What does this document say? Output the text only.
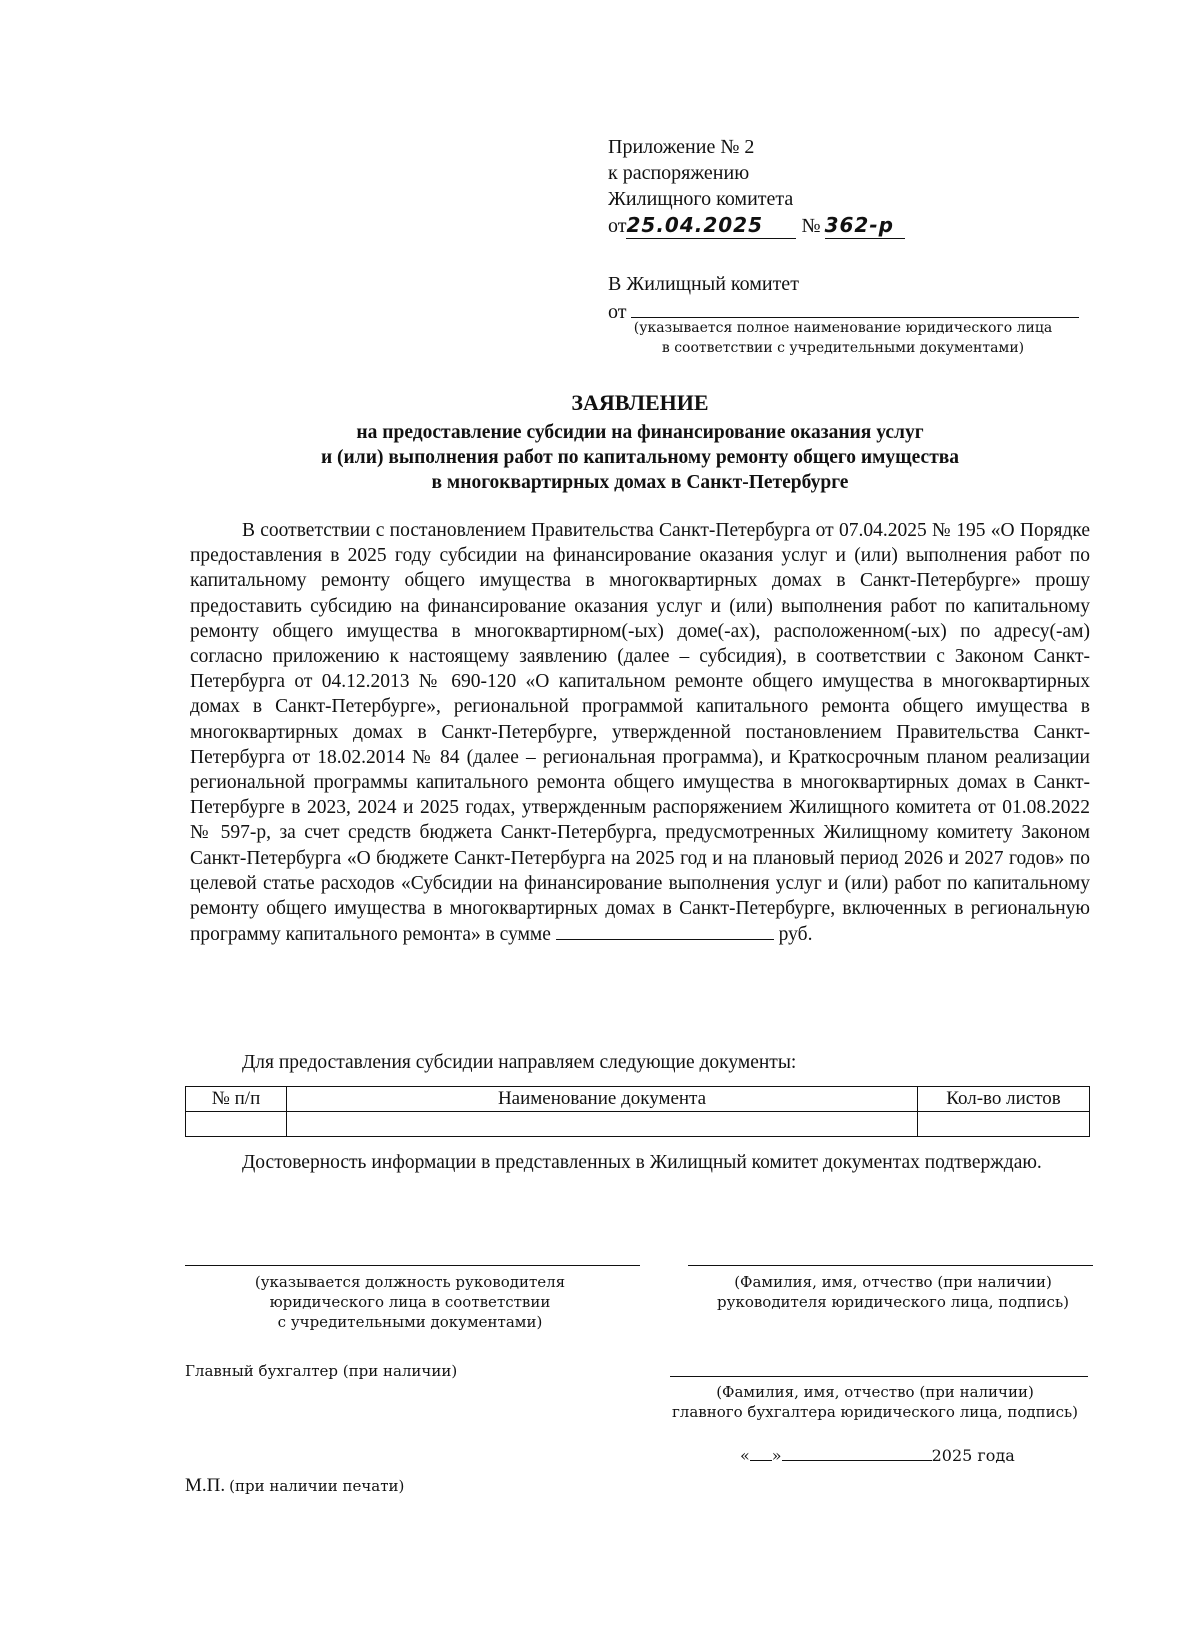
Приложение № 2
к распоряжению
Жилищного комитета
от25.04.2025 № 362-р
В Жилищный комитет
от
(указывается полное наименование юридического лица
в соответствии с учредительными документами)
ЗАЯВЛЕНИЕ
на предоставление субсидии на финансирование оказания услуг
и (или) выполнения работ по капитальному ремонту общего имущества
в многоквартирных домах в Санкт-Петербурге

В соответствии с постановлением Правительства Санкт-Петербурга от 07.04.2025 № 195 «О Порядке предоставления в 2025 году субсидии на финансирование оказания услуг и (или) выполнения работ по капитальному ремонту общего имущества в многоквартирных домах в Санкт-Петербурге» прошу предоставить субсидию на финансирование оказания услуг и (или) выполнения работ по капитальному ремонту общего имущества в многоквартирном(-ых) доме(-ах), расположенном(-ых) по адресу(-ам) согласно приложению к настоящему заявлению (далее – субсидия), в соответствии с Законом Санкт-Петербурга от 04.12.2013 № 690-120 «О капитальном ремонте общего имущества в многоквартирных домах в Санкт-Петербурге», региональной программой капитального ремонта общего имущества в многоквартирных домах в Санкт-Петербурге, утвержденной постановлением Правительства Санкт-Петербурга от 18.02.2014 № 84 (далее – региональная программа), и Краткосрочным планом реализации региональной программы капитального ремонта общего имущества в многоквартирных домах в Санкт-Петербурге в 2023, 2024 и 2025 годах, утвержденным распоряжением Жилищного комитета от 01.08.2022 № 597-р, за счет средств бюджета Санкт-Петербурга, предусмотренных Жилищному комитету Законом Санкт-Петербурга «О бюджете Санкт-Петербурга на 2025 год и на плановый период 2026 и 2027 годов» по целевой статье расходов «Субсидии на финансирование выполнения услуг и (или) работ по капитальному ремонту общего имущества в многоквартирных домах в Санкт-Петербурге, включенных в региональную программу капитального ремонта» в сумме	руб.

Для предоставления субсидии направляем следующие документы:

№ п/п	Наименование документа	Кол-во листов

Достоверность информации в представленных в Жилищный комитет документах подтверждаю.

(указывается должность руководителя
юридического лица в соответствии
с учредительными документами)
(Фамилия, имя, отчество (при наличии)
руководителя юридического лица, подпись)
Главный бухгалтер (при наличии)
(Фамилия, имя, отчество (при наличии)
главного бухгалтера юридического лица, подпись)
« »	2025 года
М.П. (при наличии печати)
